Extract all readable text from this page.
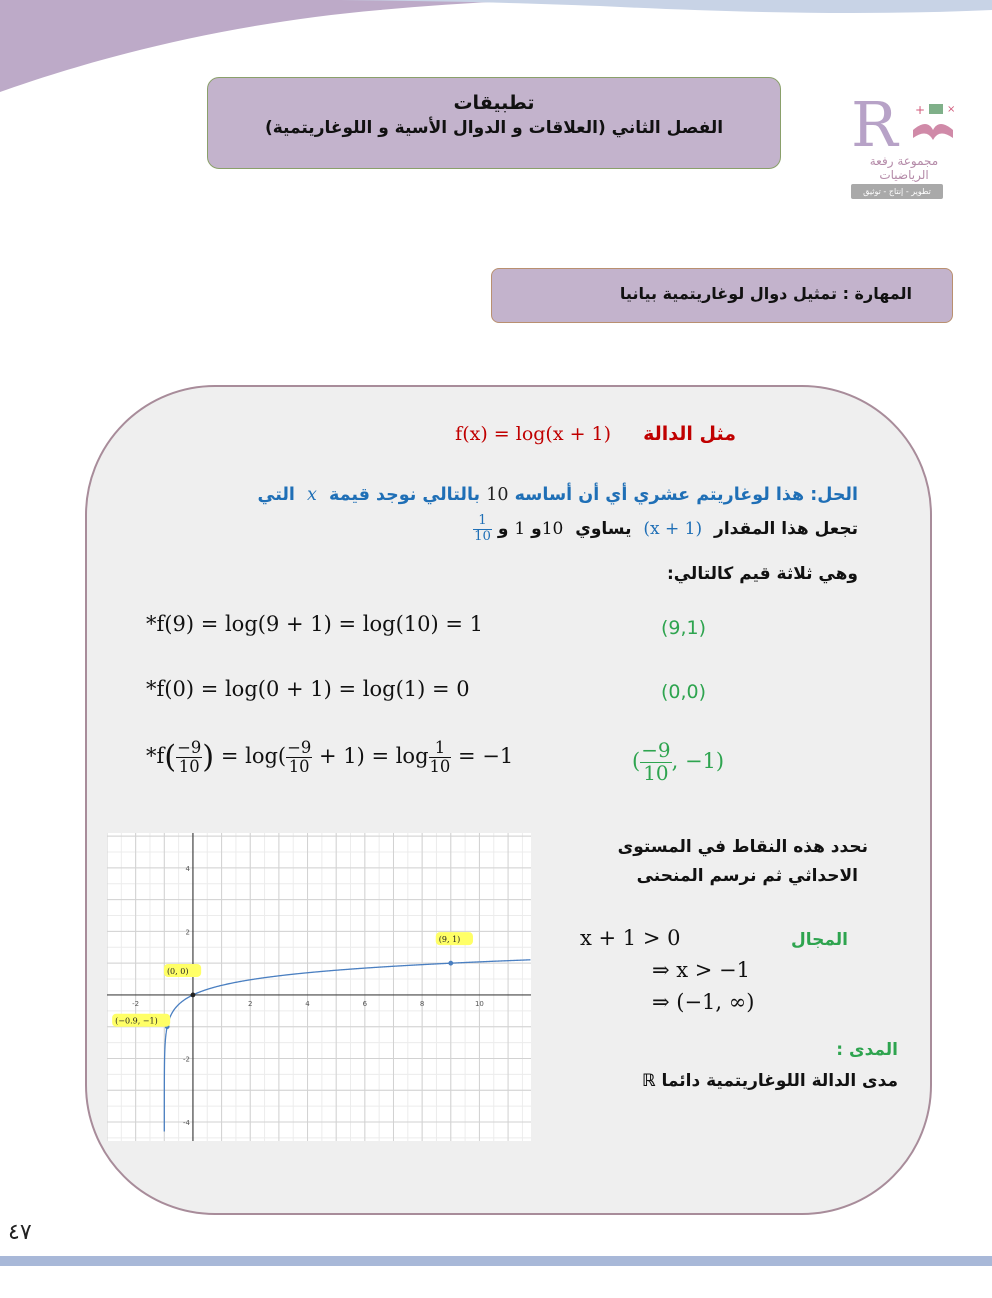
تطبيقات
الفصل الثاني (العلاقات و الدوال الأسية و اللوغاريتمية)	R + ×
مجموعة رفعة الرياضيات
تطوير - إنتاج - توثيق
المهارة : تمثيل دوال لوغاريتمية بيانيا
مثل الدالة f(x) = log(x + 1)
الحل: هذا لوغاريتم عشري أي أن أساسه 10 بالتالي نوجد قيمة x التي
تجعل هذا المقدار (x + 1) يساوي 10و 1 و
$\frac{1}{10}$
وهي ثلاثة قيم كالتالي:
*f(9) = log(9 + 1) = log(10) = 1	(9,1)
*f(0) = log(0 + 1) = log(1) = 0	(0,0)
$*f( \frac{-9}{10}$ ) = $\log( \frac{-9}{10} + 1) = \log \frac{1}{10} = -1$	( $\frac{-9}{10}$ , −1)
-2	2	4	6	8	10
4
2
-2
-4
(9, 1)
(0, 0)
(−0.9, −1)
نحدد هذه النقاط في المستوى
الاحداثي ثم نرسم المنحنى
المجال
x + 1 > 0
⇒ x > −1
⇒ (−1, ∞)
المدى :
مدى الدالة اللوغاريتمية دائما ℝ
٤٧
